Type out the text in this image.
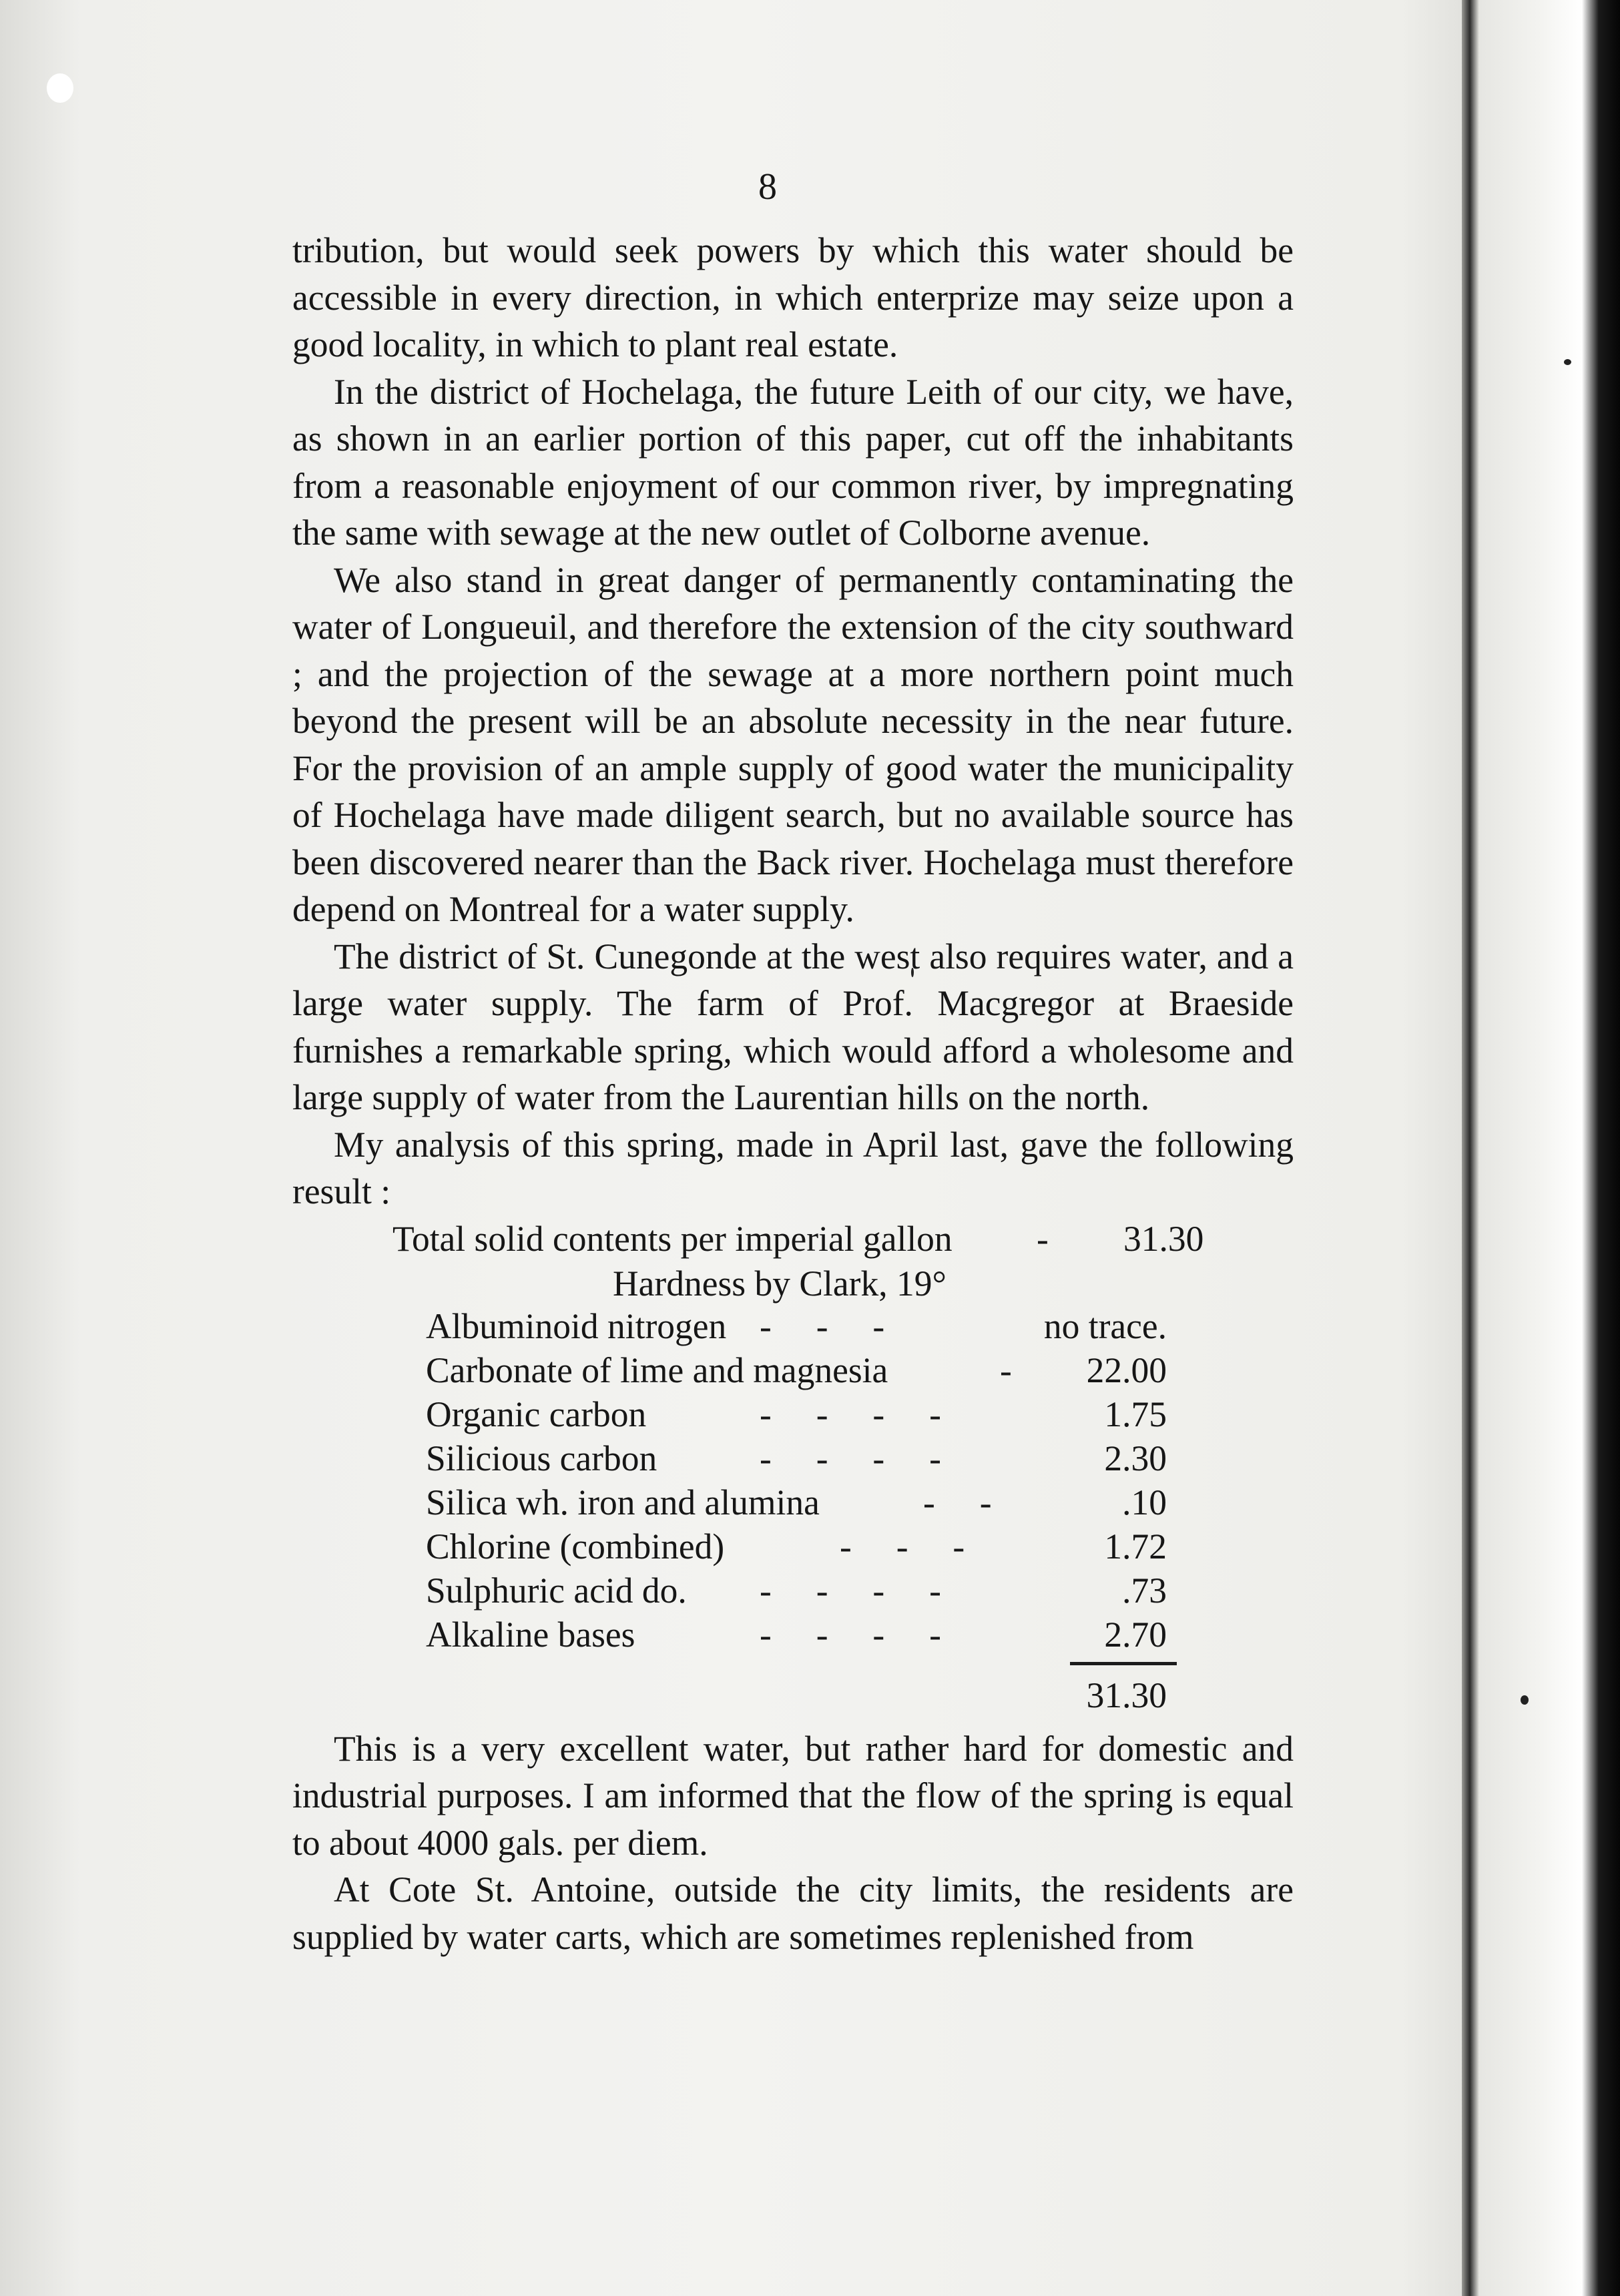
8

tribution, but would seek powers by which this water should be accessible in every direction, in which enterprize may seize upon a good locality, in which to plant real estate.

In the district of Hochelaga, the future Leith of our city, we have, as shown in an earlier portion of this paper, cut off the inhabitants from a reasonable enjoyment of our common river, by impregnating the same with sewage at the new outlet of Colborne avenue.

We also stand in great danger of permanently contaminating the water of Longueuil, and therefore the extension of the city southward ; and the projection of the sewage at a more northern point much beyond the present will be an absolute necessity in the near future. For the provision of an ample supply of good water the municipality of Hochelaga have made diligent search, but no available source has been discovered nearer than the Back river. Hochelaga must therefore depend on Montreal for a water supply.

The district of St. Cunegonde at the west also requires water, and a large water supply. The farm of Prof. Macgregor at Braeside furnishes a remarkable spring, which would afford a wholesome and large supply of water from the Laurentian hills on the north.

My analysis of this spring, made in April last, gave the following result :

Total solid contents per imperial gallon - 31.30
Hardness by Clark, 19°
Albuminoid nitrogen -     -     -	no trace.
Carbonate of lime and magnesia	- 22.00
Organic carbon	-     -     -     -	1.75
Silicious carbon	-     -     -     -	2.30
Silica wh. iron and alumina	-     -	.10
Chlorine (combined)	-     -     -	1.72
Sulphuric acid do. -     -     -     -	.73
Alkaline bases	-     -     -     -	2.70
31.30

This is a very excellent water, but rather hard for domestic and industrial purposes. I am informed that the flow of the spring is equal to about 4000 gals. per diem.

At Cote St. Antoine, outside the city limits, the residents are supplied by water carts, which are sometimes replenished from
